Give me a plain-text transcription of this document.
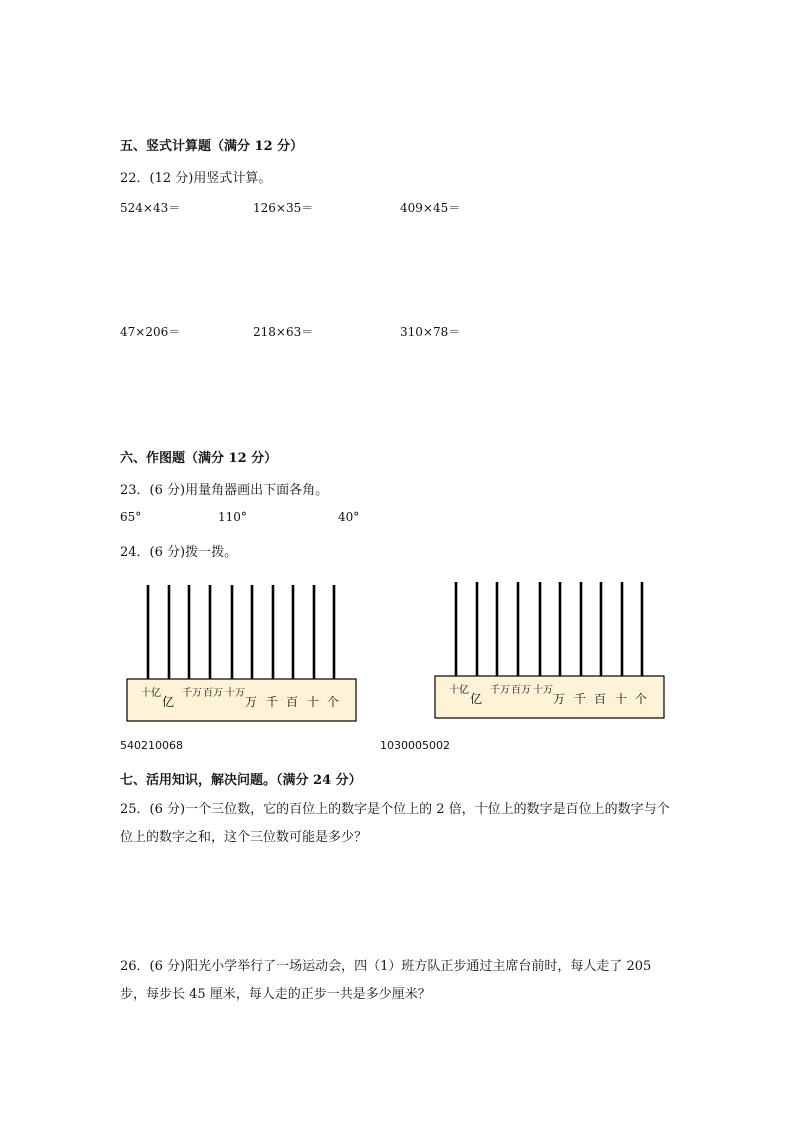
五、竖式计算题（满分 12 分）
22．(12 分)用竖式计算。
524×43＝	126×35＝	409×45＝
47×206＝	218×63＝	310×78＝
六、作图题（满分 12 分）
23．(6 分)用量角器画出下面各角。
65°	110°	40°
24．(6 分)拨一拨。
十亿
亿
千万 百万 十万
万 千 百 十 个
十亿
亿
千万 百万 十万
万 千 百 十 个
540210068	1030005002
七、活用知识，解决问题。（满分 24 分）
25．(6 分)一个三位数，它的百位上的数字是个位上的 2 倍，十位上的数字是百位上的数字与个位上的数字之和，这个三位数可能是多少？
26．(6 分)阳光小学举行了一场运动会，四（1）班方队正步通过主席台前时，每人走了 205 步，每步长 45 厘米，每人走的正步一共是多少厘米？
